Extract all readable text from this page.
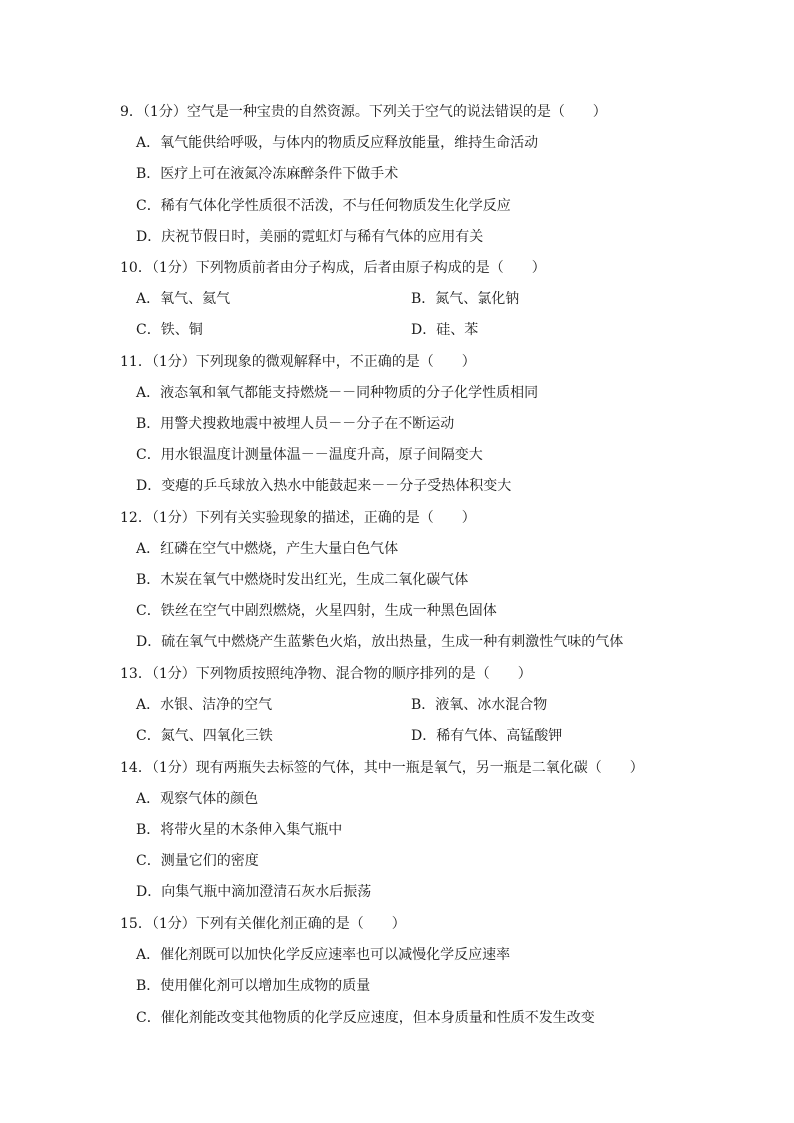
9．（1分）空气是一种宝贵的自然资源。下列关于空气的说法错误的是（　　）
A．氧气能供给呼吸，与体内的物质反应释放能量，维持生命活动
B．医疗上可在液氮冷冻麻醉条件下做手术
C．稀有气体化学性质很不活泼，不与任何物质发生化学反应
D．庆祝节假日时，美丽的霓虹灯与稀有气体的应用有关
10．（1分）下列物质前者由分子构成，后者由原子构成的是（　　）
A．氧气、氦气	B．氮气、氯化钠
C．铁、铜	D．硅、苯
11．（1分）下列现象的微观解释中，不正确的是（　　）
A．液态氧和氧气都能支持燃烧－－同种物质的分子化学性质相同
B．用警犬搜救地震中被埋人员－－分子在不断运动
C．用水银温度计测量体温－－温度升高，原子间隔变大
D．变瘪的乒乓球放入热水中能鼓起来－－分子受热体积变大
12．（1分）下列有关实验现象的描述，正确的是（　　）
A．红磷在空气中燃烧，产生大量白色气体
B．木炭在氧气中燃烧时发出红光，生成二氧化碳气体
C．铁丝在空气中剧烈燃烧，火星四射，生成一种黑色固体
D．硫在氧气中燃烧产生蓝紫色火焰，放出热量，生成一种有刺激性气味的气体
13．（1分）下列物质按照纯净物、混合物的顺序排列的是（　　）
A．水银、洁净的空气	B．液氧、冰水混合物
C．氮气、四氧化三铁	D．稀有气体、高锰酸钾
14．（1分）现有两瓶失去标签的气体，其中一瓶是氧气，另一瓶是二氧化碳（　　）
A．观察气体的颜色
B．将带火星的木条伸入集气瓶中
C．测量它们的密度
D．向集气瓶中滴加澄清石灰水后振荡
15．（1分）下列有关催化剂正确的是（　　）
A．催化剂既可以加快化学反应速率也可以减慢化学反应速率
B．使用催化剂可以增加生成物的质量
C．催化剂能改变其他物质的化学反应速度，但本身质量和性质不发生改变
